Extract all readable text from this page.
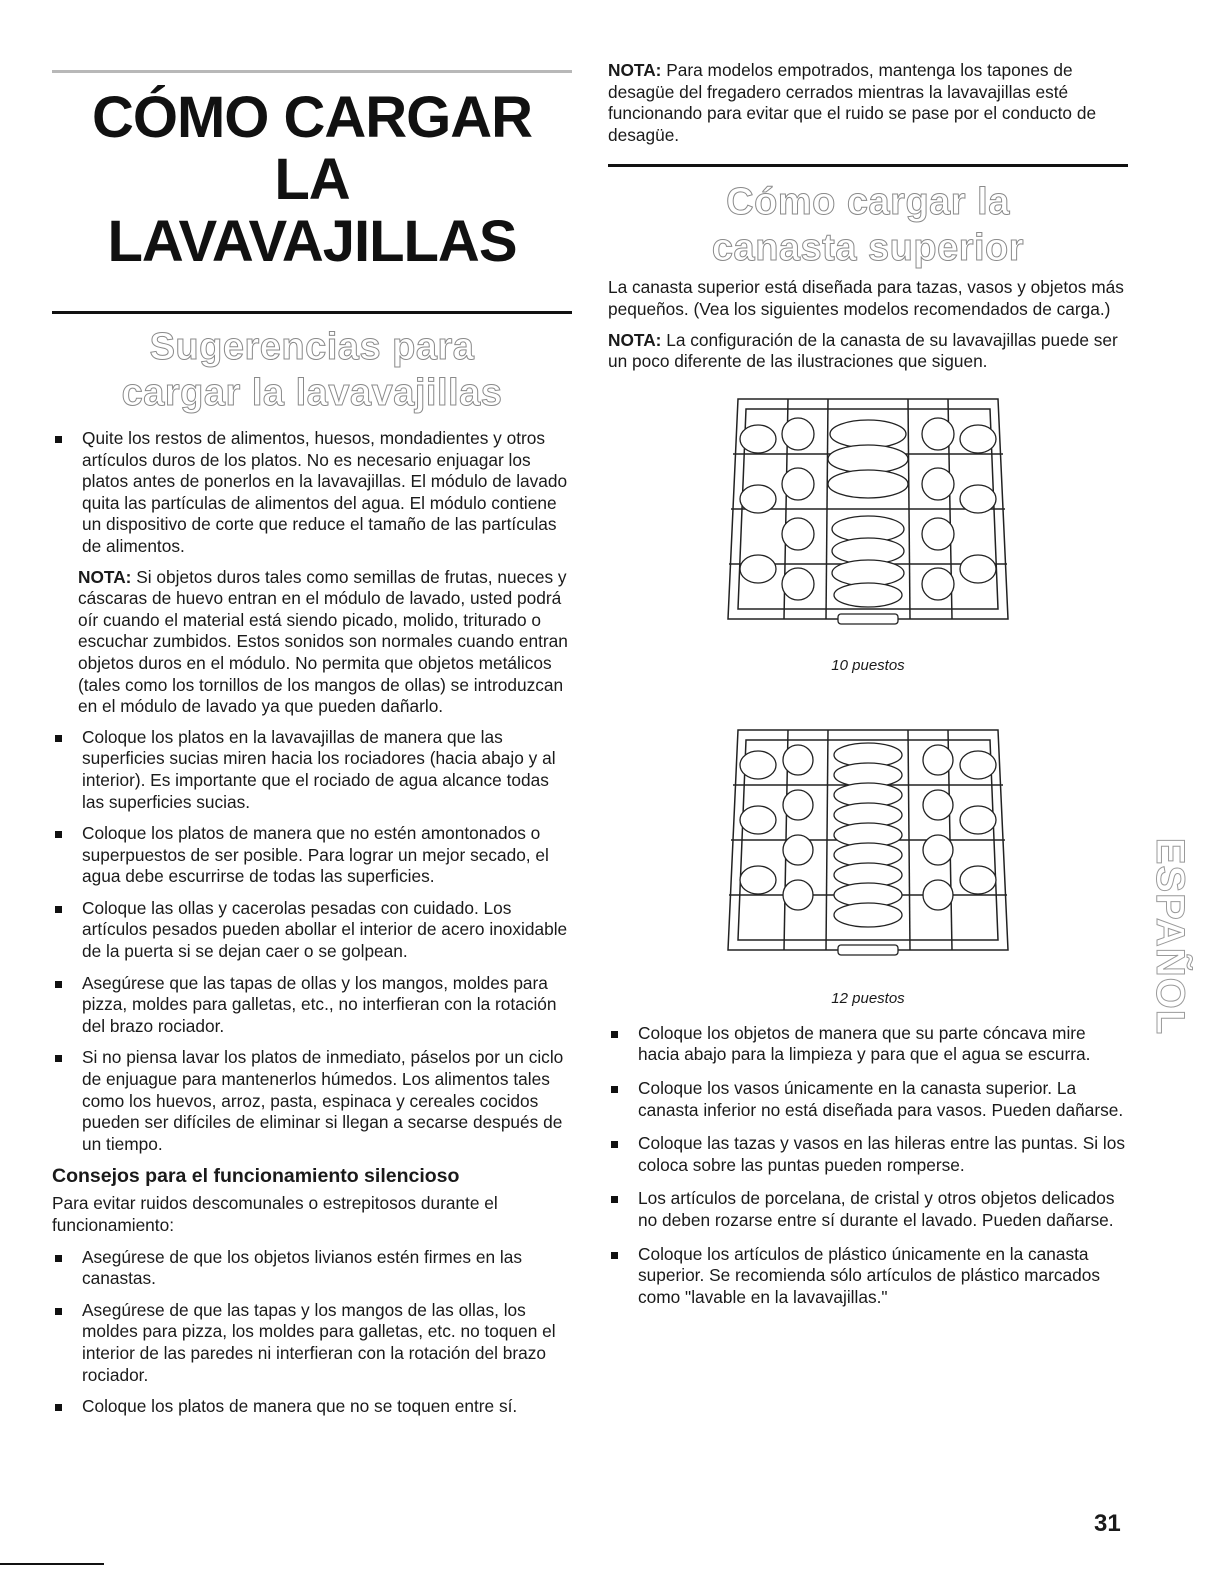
CÓMO CARGAR LA
LAVAVAJILLAS
Sugerencias para
cargar la lavavajillas
Quite los restos de alimentos, huesos, mondadientes y otros artículos duros de los platos. No es necesario enjuagar los platos antes de ponerlos en la lavavajillas. El módulo de lavado quita las partículas de alimentos del agua. El módulo contiene un dispositivo de corte que reduce el tamaño de las partículas de alimentos.

NOTA: Si objetos duros tales como semillas de frutas, nueces y cáscaras de huevo entran en el módulo de lavado, usted podrá oír cuando el material está siendo picado, molido, triturado o escuchar zumbidos. Estos sonidos son normales cuando entran objetos duros en el módulo. No permita que objetos metálicos (tales como los tornillos de los mangos de ollas) se introduzcan en el módulo de lavado ya que pueden dañarlo.

Coloque los platos en la lavavajillas de manera que las superficies sucias miren hacia los rociadores (hacia abajo y al interior). Es importante que el rociado de agua alcance todas las superficies sucias.
Coloque los platos de manera que no estén amontonados o superpuestos de ser posible. Para lograr un mejor secado, el agua debe escurrirse de todas las superficies.
Coloque las ollas y cacerolas pesadas con cuidado. Los artículos pesados pueden abollar el interior de acero inoxidable de la puerta si se dejan caer o se golpean.
Asegúrese que las tapas de ollas y los mangos, moldes para pizza, moldes para galletas, etc., no interfieran con la rotación del brazo rociador.
Si no piensa lavar los platos de inmediato, páselos por un ciclo de enjuague para mantenerlos húmedos. Los alimentos tales como los huevos, arroz, pasta, espinaca y cereales cocidos pueden ser difíciles de eliminar si llegan a secarse después de un tiempo.
Consejos para el funcionamiento silencioso

Para evitar ruidos descomunales o estrepitosos durante el funcionamiento:

Asegúrese de que los objetos livianos estén firmes en las canastas.
Asegúrese de que las tapas y los mangos de las ollas, los moldes para pizza, los moldes para galletas, etc. no toquen el interior de las paredes ni interfieran con la rotación del brazo rociador.
Coloque los platos de manera que no se toquen entre sí.

NOTA: Para modelos empotrados, mantenga los tapones de desagüe del fregadero cerrados mientras la lavavajillas esté funcionando para evitar que el ruido se pase por el conducto de desagüe.

Cómo cargar la
canasta superior

La canasta superior está diseñada para tazas, vasos y objetos más pequeños. (Vea los siguientes modelos recomendados de carga.)

NOTA: La configuración de la canasta de su lavavajillas puede ser un poco diferente de las ilustraciones que siguen.

10 puestos

12 puestos

Coloque los objetos de manera que su parte cóncava mire hacia abajo para la limpieza y para que el agua se escurra.
Coloque los vasos únicamente en la canasta superior. La canasta inferior no está diseñada para vasos. Pueden dañarse.
Coloque las tazas y vasos en las hileras entre las puntas. Si los coloca sobre las puntas pueden romperse.
Los artículos de porcelana, de cristal y otros objetos delicados no deben rozarse entre sí durante el lavado. Pueden dañarse.
Coloque los artículos de plástico únicamente en la canasta superior. Se recomienda sólo artículos de plástico marcados como "lavable en la lavavajillas."
ESPAÑOL
31
